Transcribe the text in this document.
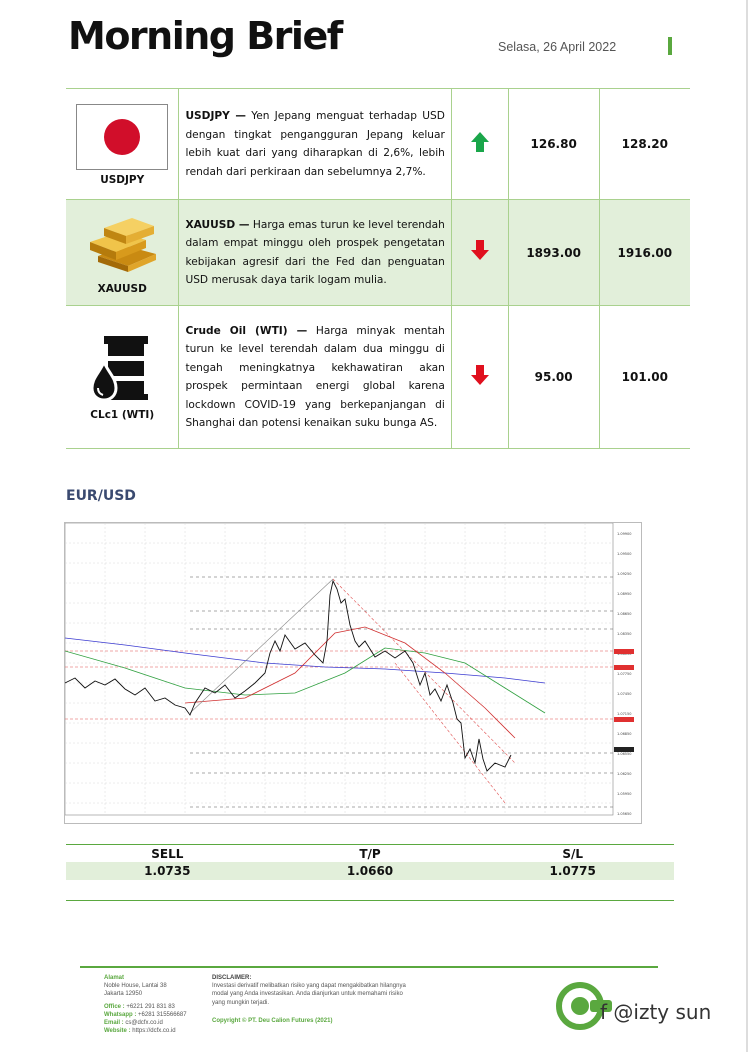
Morning Brief	Selasa, 26 April 2022
USDJPY	USDJPY — Yen Jepang menguat terhadap USD dengan tingkat pengangguran Jepang keluar lebih kuat dari yang diharapkan di 2,6%, lebih rendah dari perkiraan dan sebelumnya 2,7%.		126.80	128.20

XAUUSD	XAUUSD — Harga emas turun ke level terendah dalam empat minggu oleh prospek pengetatan kebijakan agresif dari the Fed dan penguatan USD merusak daya tarik logam mulia.		1893.00	1916.00

CLc1 (WTI)	Crude Oil (WTI) — Harga minyak mentah turun ke level terendah dalam dua minggu di tengah meningkatnya kekhawatiran akan prospek permintaan energi global karena lockdown COVID-19 yang berkepanjangan di Shanghai dan potensi kenaikan suku bunga AS.		95.00	101.00
EUR/USD
1.09900
1.09500
1.09250
1.08950
1.08650
1.08350
1.07750
1.07450
1.07150
1.06850
1.06550
1.06250
1.05950
1.05650
SELL	T/P	S/L
1.0735	1.0660	1.0775
Alamat
Noble House, Lantai 38
Jakarta 12950
Office : +6221 291 831 83
Whatsapp : +6281 315566687
Email : cs@dcfx.co.id
Website : https://dcfx.co.id
DISCLAIMER:
Investasi derivatif melibatkan risiko yang dapat mengakibatkan hilangnya modal yang Anda investasikan. Anda dianjurkan untuk memahami risiko yang mungkin terjadi.
Copyright © PT. Deu Calion Futures (2021)	f @izty sun
